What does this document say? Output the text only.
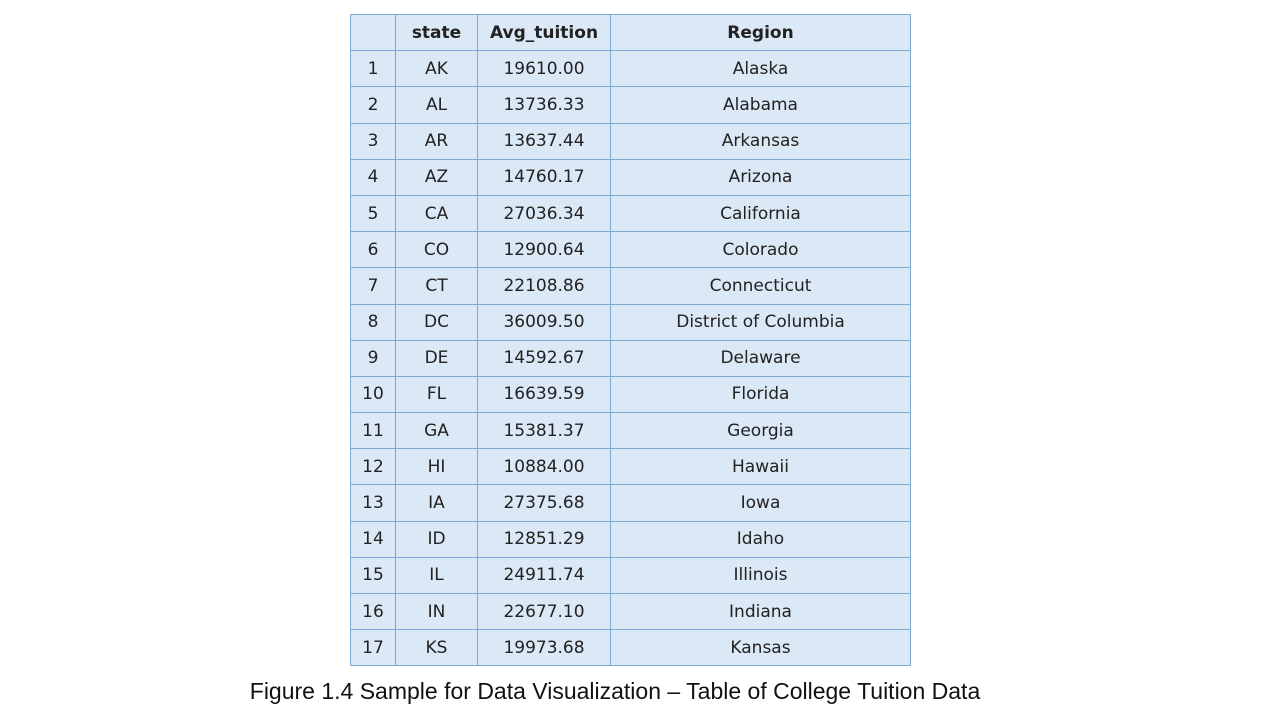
	state	Avg_tuition	Region
1	AK	19610.00	Alaska
2	AL	13736.33	Alabama
3	AR	13637.44	Arkansas
4	AZ	14760.17	Arizona
5	CA	27036.34	California
6	CO	12900.64	Colorado
7	CT	22108.86	Connecticut
8	DC	36009.50	District of Columbia
9	DE	14592.67	Delaware
10	FL	16639.59	Florida
11	GA	15381.37	Georgia
12	HI	10884.00	Hawaii
13	IA	27375.68	Iowa
14	ID	12851.29	Idaho
15	IL	24911.74	Illinois
16	IN	22677.10	Indiana
17	KS	19973.68	Kansas
Figure 1.4 Sample for Data Visualization – Table of College Tuition Data
